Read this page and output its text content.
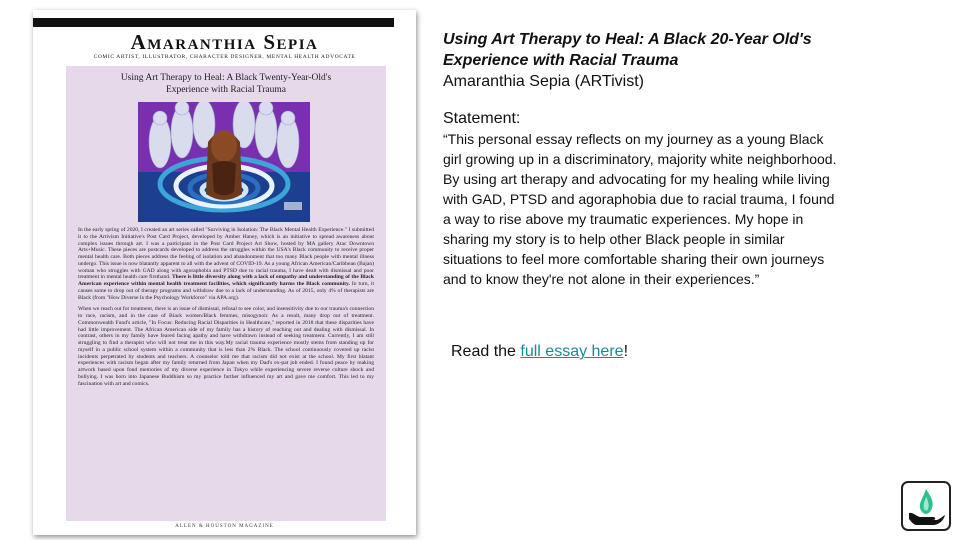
Amaranthia Sepia
COMIC ARTIST, ILLUSTRATOR, CHARACTER DESIGNER, MENTAL HEALTH ADVOCATE
Using Art Therapy to Heal: A Black Twenty-Year-Old's
Experience with Racial Trauma

In the early spring of 2020, I created an art series called "Surviving in Isolation: The Black Mental Health Experience." I submitted it to the Artivism Initiative's Post Card Project, developed by Amber Haney, which is an initiative to spread awareness about complex issues through art. I was a participant in the Post Card Project Art Show, hosted by MA gallery Atac Downtown Arts+Music. These pieces are postcards developed to address the struggles within the USA's Black community to receive proper mental health care. Both pieces address the feeling of isolation and abandonment that too many Black people with mental illness undergo. This issue is now blatantly apparent to all with the advent of COVID-19. As a young African American/Caribbean (Bajan) woman who struggles with GAD along with agoraphobia and PTSD due to racial trauma, I have dealt with dismissal and poor treatment in mental health care firsthand. There is little diversity along with a lack of empathy and understanding of the Black American experience within mental health treatment facilities, which significantly harms the Black community. In turn, it causes some to drop out of therapy programs and withdraw due to a lack of understanding. As of 2015, only 4% of therapists are Black (from "How Diverse Is the Psychology Workforce" via APA.org).

When we reach out for treatment, there is an issue of dismissal, refusal to see color, and insensitivity due to our trauma's connection to race, racism, and in the case of Black women/Black femmes, misogynoir. As a result, many drop out of treatment. Commonwealth Fund's article, "In Focus: Reducing Racial Disparities in Healthcare," reported in 2018 that these disparities have had little improvement. The African American side of my family has a history of reaching out and dealing with dismissal. In contrast, others in my family have feared facing apathy and have withdrawn instead of seeking treatment. Currently, I am still struggling to find a therapist who will not treat me in this way.My racial trauma experience mostly stems from standing up for myself in a public school system within a community that is less than 2% Black. The school continuously covered up racist incidents perpetrated by students and teachers. A counselor told me that racism did not exist at the school. My first blatant experiences with racism began after my family returned from Japan when my Dad's ex-pat job ended. I found peace by making artwork based upon fond memories of my diverse experience in Tokyo while experiencing severe reverse culture shock and bullying. I was born into Japanese Buddhism so my practice further influenced my art and gave me comfort. This led to my fascination with art and comics.

ALLEN & HOUSTON MAGAZINE

Using Art Therapy to Heal: A Black 20-Year Old's
Experience with Racial Trauma

Amaranthia Sepia (ARTivist)

Statement:

“This personal essay reflects on my journey as a young Black girl growing up in a discriminatory, majority white neighborhood. By using art therapy and advocating for my healing while living with GAD, PTSD and agoraphobia due to racial trauma, I found a way to rise above my traumatic experiences. My hope in sharing my story is to help other Black people in similar situations to feel more comfortable sharing their own journeys and to know they're not alone in their experiences.”

Read the full essay here!
